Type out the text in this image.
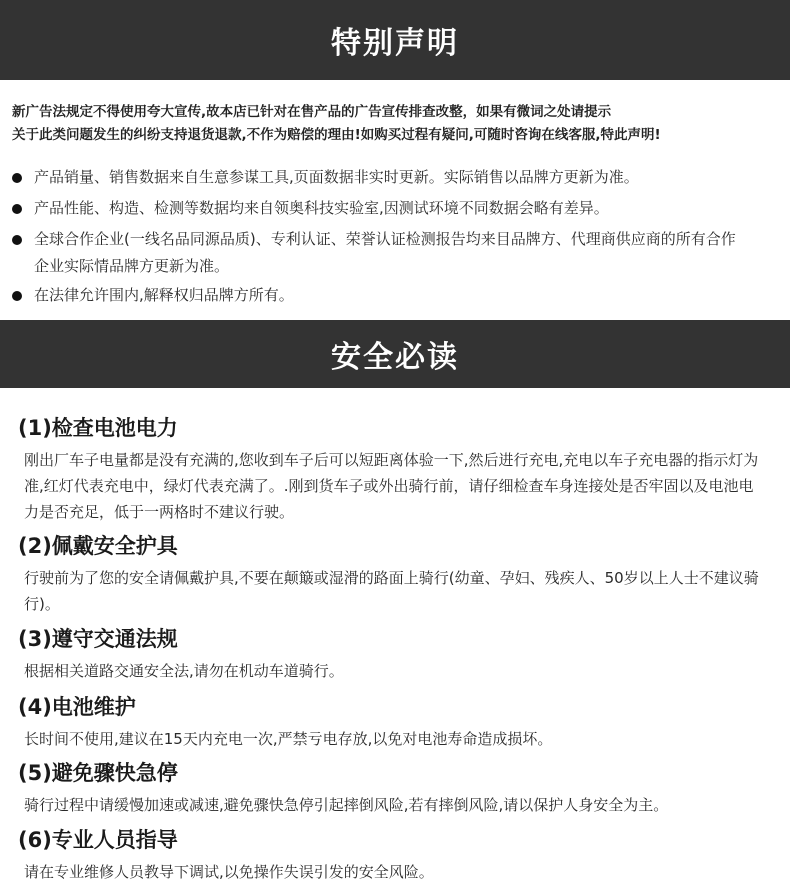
特别声明
新广告法规定不得使用夸大宣传,故本店已针对在售产品的广告宣传排查改整，如果有微词之处请提示
关于此类问题发生的纠纷支持退货退款,不作为赔偿的理由!如购买过程有疑问,可随时咨询在线客服,特此声明!
产品销量、销售数据来自生意参谋工具,页面数据非实时更新。实际销售以品牌方更新为准。
产品性能、构造、检测等数据均来自领奥科技实验室,因测试环境不同数据会略有差异。
全球合作企业(一线名品同源品质)、专利认证、荣誉认证检测报告均来目品牌方、代理商供应商的所有合作企业实际情品牌方更新为准。
在法律允许围内,解释权归品牌方所有。
安全必读
(1)检查电池电力

刚出厂车子电量都是没有充满的,您收到车子后可以短距离体验一下,然后进行充电,充电以车子充电器的指示灯为准,红灯代表充电中，绿灯代表充满了。.刚到货车子或外出骑行前，请仔细检查车身连接处是否牢固以及电池电力是否充足，低于一两格时不建议行驶。

(2)佩戴安全护具

行驶前为了您的安全请佩戴护具,不要在颠簸或湿滑的路面上骑行(幼童、孕妇、残疾人、50岁以上人士不建议骑行)。

(3)遵守交通法规

根据相关道路交通安全法,请勿在机动车道骑行。

(4)电池维护

长时间不使用,建议在15天内充电一次,严禁亏电存放,以免对电池寿命造成损坏。

(5)避免骤快急停

骑行过程中请缓慢加速或减速,避免骤快急停引起摔倒风险,若有摔倒风险,请以保护人身安全为主。

(6)专业人员指导

请在专业维修人员教导下调试,以免操作失误引发的安全风险。
